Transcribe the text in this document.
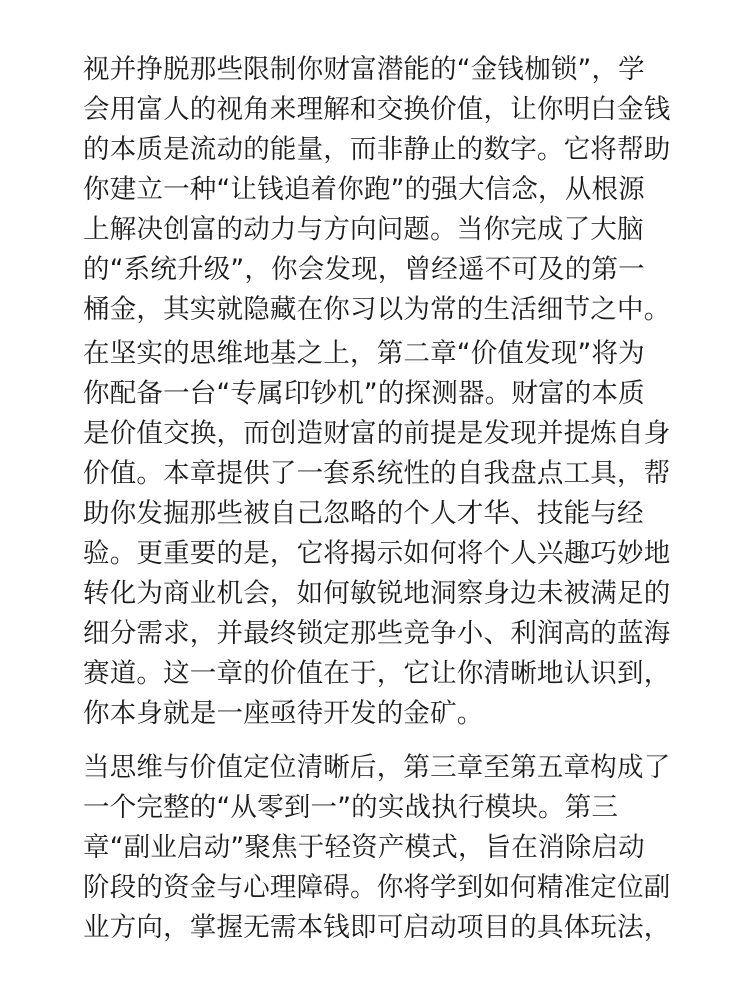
视并挣脱那些限制你财富潜能的“金钱枷锁”，学
会用富人的视角来理解和交换价值，让你明白金钱
的本质是流动的能量，而非静止的数字。它将帮助
你建立一种“让钱追着你跑”的强大信念，从根源
上解决创富的动力与方向问题。当你完成了大脑
的“系统升级”，你会发现，曾经遥不可及的第一
桶金，其实就隐藏在你习以为常的生活细节之中。
在坚实的思维地基之上，第二章“价值发现”将为
你配备一台“专属印钞机”的探测器。财富的本质
是价值交换，而创造财富的前提是发现并提炼自身
价值。本章提供了一套系统性的自我盘点工具，帮
助你发掘那些被自己忽略的个人才华、技能与经
验。更重要的是，它将揭示如何将个人兴趣巧妙地
转化为商业机会，如何敏锐地洞察身边未被满足的
细分需求，并最终锁定那些竞争小、利润高的蓝海
赛道。这一章的价值在于，它让你清晰地认识到，
你本身就是一座亟待开发的金矿。
当思维与价值定位清晰后，第三章至第五章构成了
一个完整的“从零到一”的实战执行模块。第三
章“副业启动”聚焦于轻资产模式，旨在消除启动
阶段的资金与心理障碍。你将学到如何精准定位副
业方向，掌握无需本钱即可启动项目的具体玩法，
